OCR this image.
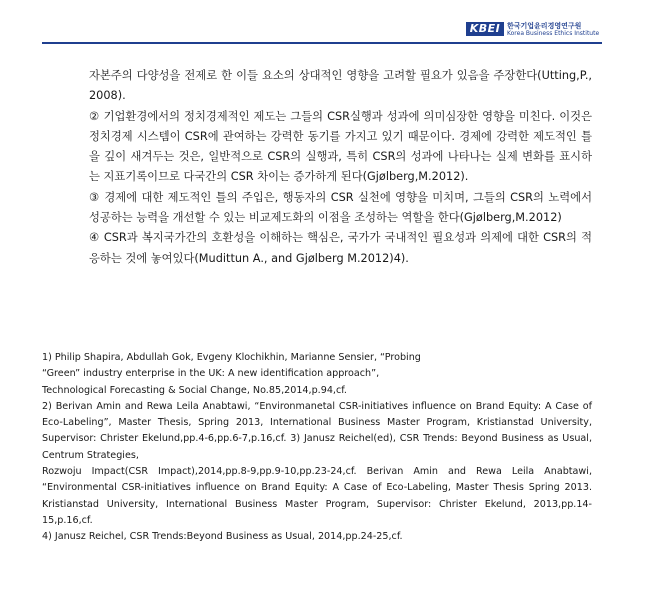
KBEI 한국기업윤리경영연구원
Korea Business Ethics Institute

자본주의 다양성을 전제로 한 이들 요소의 상대적인 영향을 고려할 필요가 있음을 주장한다(Utting,P.,2008).

② 기업환경에서의 정치경제적인 제도는 그들의 CSR실행과 성과에 의미심장한 영향을 미친다. 이것은 정치경제 시스템이 CSR에 관여하는 강력한 동기를 가지고 있기 때문이다. 경제에 강력한 제도적인 틀을 깊이 새겨두는 것은, 일반적으로 CSR의 실행과, 특히 CSR의 성과에 나타나는 실제 변화를 표시하는 지표기록이므로 다국간의 CSR 차이는 증가하게 된다(Gjølberg,M.2012).

③ 경제에 대한 제도적인 틀의 주입은, 행동자의 CSR 실천에 영향을 미치며, 그들의 CSR의 노력에서 성공하는 능력을 개선할 수 있는 비교제도화의 이점을 조성하는 역할을 한다(Gjølberg,M.2012)

④ CSR과 복지국가간의 호환성을 이해하는 핵심은, 국가가 국내적인 필요성과 의제에 대한 CSR의 적응하는 것에 놓여있다(Mudittun A., and Gjølberg M.2012)4).

1) Philip Shapira, Abdullah Gok, Evgeny Klochikhin, Marianne Sensier, “Probing

“Green” industry enterprise in the UK: A new identification approach”,

Technological Forecasting & Social Change, No.85,2014,p.94,cf.

2) Berivan Amin and Rewa Leila Anabtawi, “Environmanetal CSR-initiatives influence on Brand Equity: A Case of Eco-Labeling”, Master Thesis, Spring 2013, International Business Master Program, Kristianstad University, Supervisor: Christer Ekelund,pp.4-6,pp.6-7,p.16,cf. 3) Janusz Reichel(ed), CSR Trends: Beyond Business as Usual, Centrum Strategies,

Rozwoju Impact(CSR Impact),2014,pp.8-9,pp.9-10,pp.23-24,cf. Berivan Amin and Rewa Leila Anabtawi, “Environmental CSR-initiatives influence on Brand Equity: A Case of Eco-Labeling, Master Thesis Spring 2013. Kristianstad University, International Business Master Program, Supervisor: Christer Ekelund, 2013,pp.14-15,p.16,cf.

4) Janusz Reichel, CSR Trends:Beyond Business as Usual, 2014,pp.24-25,cf.
